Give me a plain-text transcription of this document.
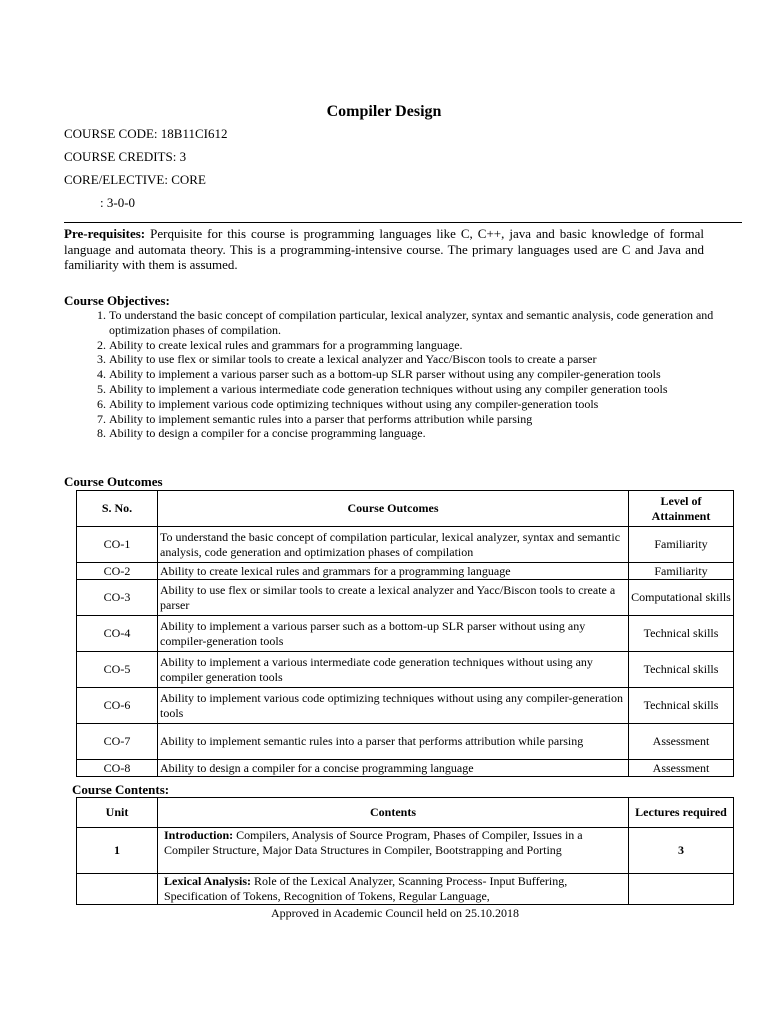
Compiler Design
COURSE CODE: 18B11CI612
COURSE CREDITS: 3
CORE/ELECTIVE: CORE
: 3-0-0
Pre-requisites: Perquisite for this course is programming languages like C, C++, java and basic knowledge of formal language and automata theory. This is a programming-intensive course. The primary languages used are C and Java and familiarity with them is assumed.
Course Objectives:
1. To understand the basic concept of compilation particular, lexical analyzer, syntax and semantic analysis, code generation and optimization phases of compilation.
2. Ability to create lexical rules and grammars for a programming language.
3. Ability to use flex or similar tools to create a lexical analyzer and Yacc/Biscon tools to create a parser
4. Ability to implement a various parser such as a bottom-up SLR parser without using any compiler-generation tools
5. Ability to implement a various intermediate code generation techniques without using any compiler generation tools
6. Ability to implement various code optimizing techniques without using any compiler-generation tools
7. Ability to implement semantic rules into a parser that performs attribution while parsing
8. Ability to design a compiler for a concise programming language.
Course Outcomes
S. No.	Course Outcomes	Level of Attainment
CO-1	To understand the basic concept of compilation particular, lexical analyzer, syntax and semantic analysis, code generation and optimization phases of compilation	Familiarity
CO-2	Ability to create lexical rules and grammars for a programming language	Familiarity
CO-3	Ability to use flex or similar tools to create a lexical analyzer and Yacc/Biscon tools to create a parser	Computational skills
CO-4	Ability to implement a various parser such as a bottom-up SLR parser without using any compiler-generation tools	Technical skills
CO-5	Ability to implement a various intermediate code generation techniques without using any compiler generation tools	Technical skills
CO-6	Ability to implement various code optimizing techniques without using any compiler-generation tools	Technical skills
CO-7	Ability to implement semantic rules into a parser that performs attribution while parsing	Assessment
CO-8	Ability to design a compiler for a concise programming language	Assessment
Course Contents:
Unit	Contents	Lectures required
1	Introduction: Compilers, Analysis of Source Program, Phases of Compiler, Issues in a Compiler Structure, Major Data Structures in Compiler, Bootstrapping and Porting	3
	Lexical Analysis: Role of the Lexical Analyzer, Scanning Process- Input Buffering, Specification of Tokens, Recognition of Tokens, Regular Language,	
Approved in Academic Council held on 25.10.2018
